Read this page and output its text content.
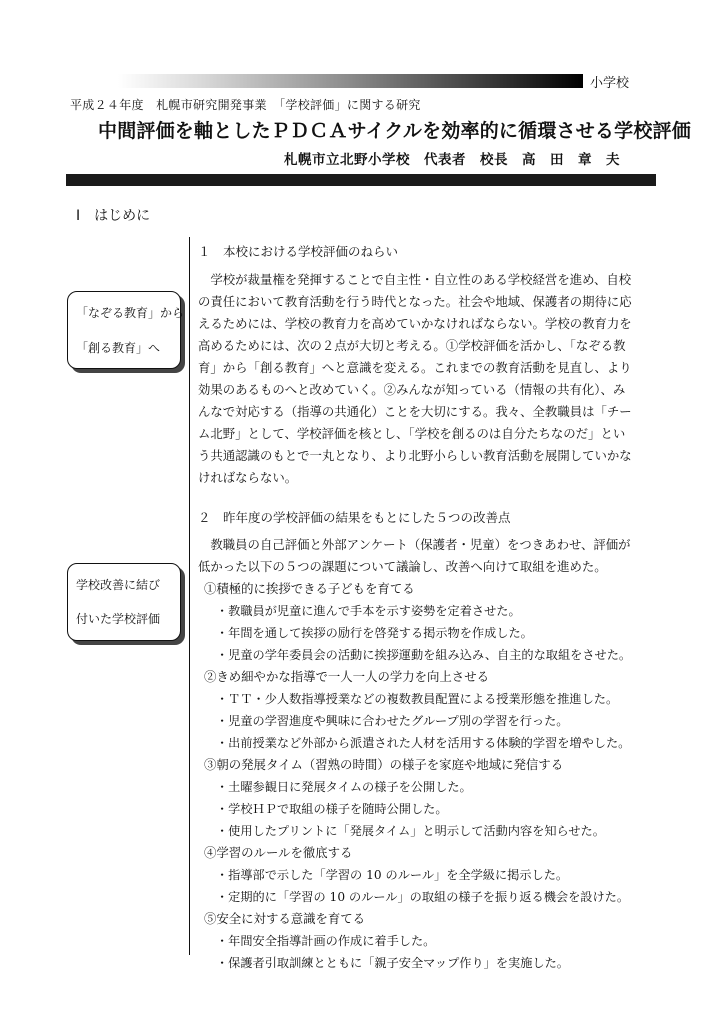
小学校
平成２４年度　札幌市研究開発事業　「学校評価」に関する研究
中間評価を軸としたＰＤＣＡサイクルを効率的に循環させる学校評価
札幌市立北野小学校　代表者　校長　高　田　章　夫
Ⅰ　はじめに
「なぞる教育」から
「創る教育」へ
学校改善に結び
付いた学校評価
１　本校における学校評価のねらい
　学校が裁量権を発揮することで自主性・自立性のある学校経営を進め、自校
の責任において教育活動を行う時代となった。社会や地域、保護者の期待に応
えるためには、学校の教育力を高めていかなければならない。学校の教育力を
高めるためには、次の２点が大切と考える。①学校評価を活かし、「なぞる教
育」から「創る教育」へと意識を変える。これまでの教育活動を見直し、より
効果のあるものへと改めていく。②みんなが知っている（情報の共有化）、み
んなで対応する（指導の共通化）ことを大切にする。我々、全教職員は「チー
ム北野」として、学校評価を核とし、「学校を創るのは自分たちなのだ」とい
う共通認識のもとで一丸となり、より北野小らしい教育活動を展開していかな
ければならない。
２　昨年度の学校評価の結果をもとにした５つの改善点
　教職員の自己評価と外部アンケート（保護者・児童）をつきあわせ、評価が
低かった以下の５つの課題について議論し、改善へ向けて取組を進めた。
①積極的に挨拶できる子どもを育てる
・教職員が児童に進んで手本を示す姿勢を定着させた。
・年間を通して挨拶の励行を啓発する掲示物を作成した。
・児童の学年委員会の活動に挨拶運動を組み込み、自主的な取組をさせた。
②きめ細やかな指導で一人一人の学力を向上させる
・ＴＴ・少人数指導授業などの複数教員配置による授業形態を推進した。
・児童の学習進度や興味に合わせたグループ別の学習を行った。
・出前授業など外部から派遣された人材を活用する体験的学習を増やした。
③朝の発展タイム（習熟の時間）の様子を家庭や地域に発信する
・土曜参観日に発展タイムの様子を公開した。
・学校ＨＰで取組の様子を随時公開した。
・使用したプリントに「発展タイム」と明示して活動内容を知らせた。
④学習のルールを徹底する
・指導部で示した「学習の 10 のルール」を全学級に掲示した。
・定期的に「学習の 10 のルール」の取組の様子を振り返る機会を設けた。
⑤安全に対する意識を育てる
・年間安全指導計画の作成に着手した。
・保護者引取訓練とともに「親子安全マップ作り」を実施した。
